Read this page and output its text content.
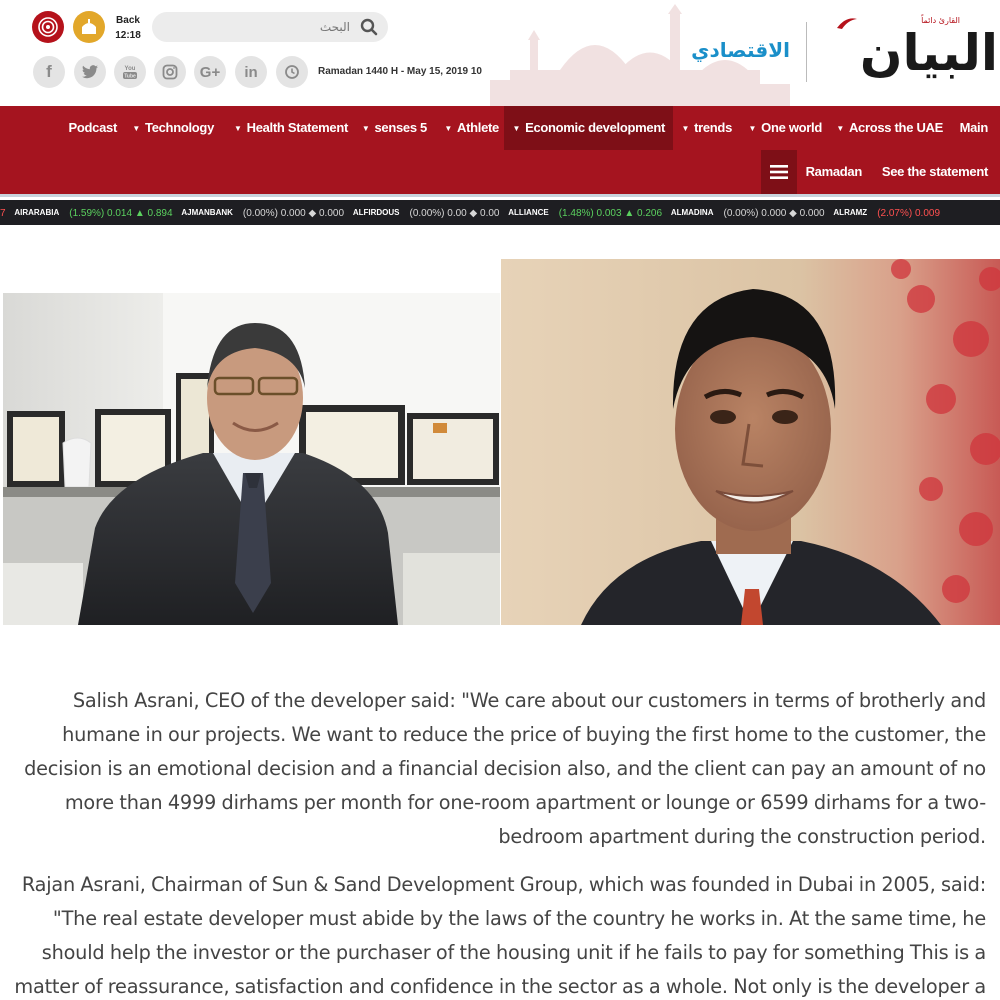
Back
12:18
البحث
f	You
Tube	G+	in	Ramadan 1440 H - May 15, 2019 10
الاقتصادي
القارئ دائماً
البيان
Main
▼ Across the UAE
▼ One world
▼ trends
▼ Economic development
▼ Athlete
▼ senses 5
▼ Health Statement
▼ Technology
Podcast
See the statement
Ramadan
7 AIRARABIA (1.59%) 0.014 ▲ 0.894 AJMANBANK (0.00%) 0.000 ◆ 0.000 ALFIRDOUS (0.00%) 0.00 ◆ 0.00 ALLIANCE (1.48%) 0.003 ▲ 0.206 ALMADINA (0.00%) 0.000 ◆ 0.000 ALRAMZ (2.07%) 0.009

Salish Asrani, CEO of the developer said: "We care about our customers in terms of brotherly and humane in our projects. We want to reduce the price of buying the first home to the customer, the decision is an emotional decision and a financial decision also, and the client can pay an amount of no more than 4999 dirhams per month for one-room apartment or lounge or 6599 dirhams for a two-bedroom apartment during the construction period.

Rajan Asrani, Chairman of Sun & Sand Development Group, which was founded in Dubai in 2005, said: "The real estate developer must abide by the laws of the country he works in. At the same time, he should help the investor or the purchaser of the housing unit if he fails to pay for something This is a matter of reassurance, satisfaction and confidence in the sector as a whole. Not only is the developer a
